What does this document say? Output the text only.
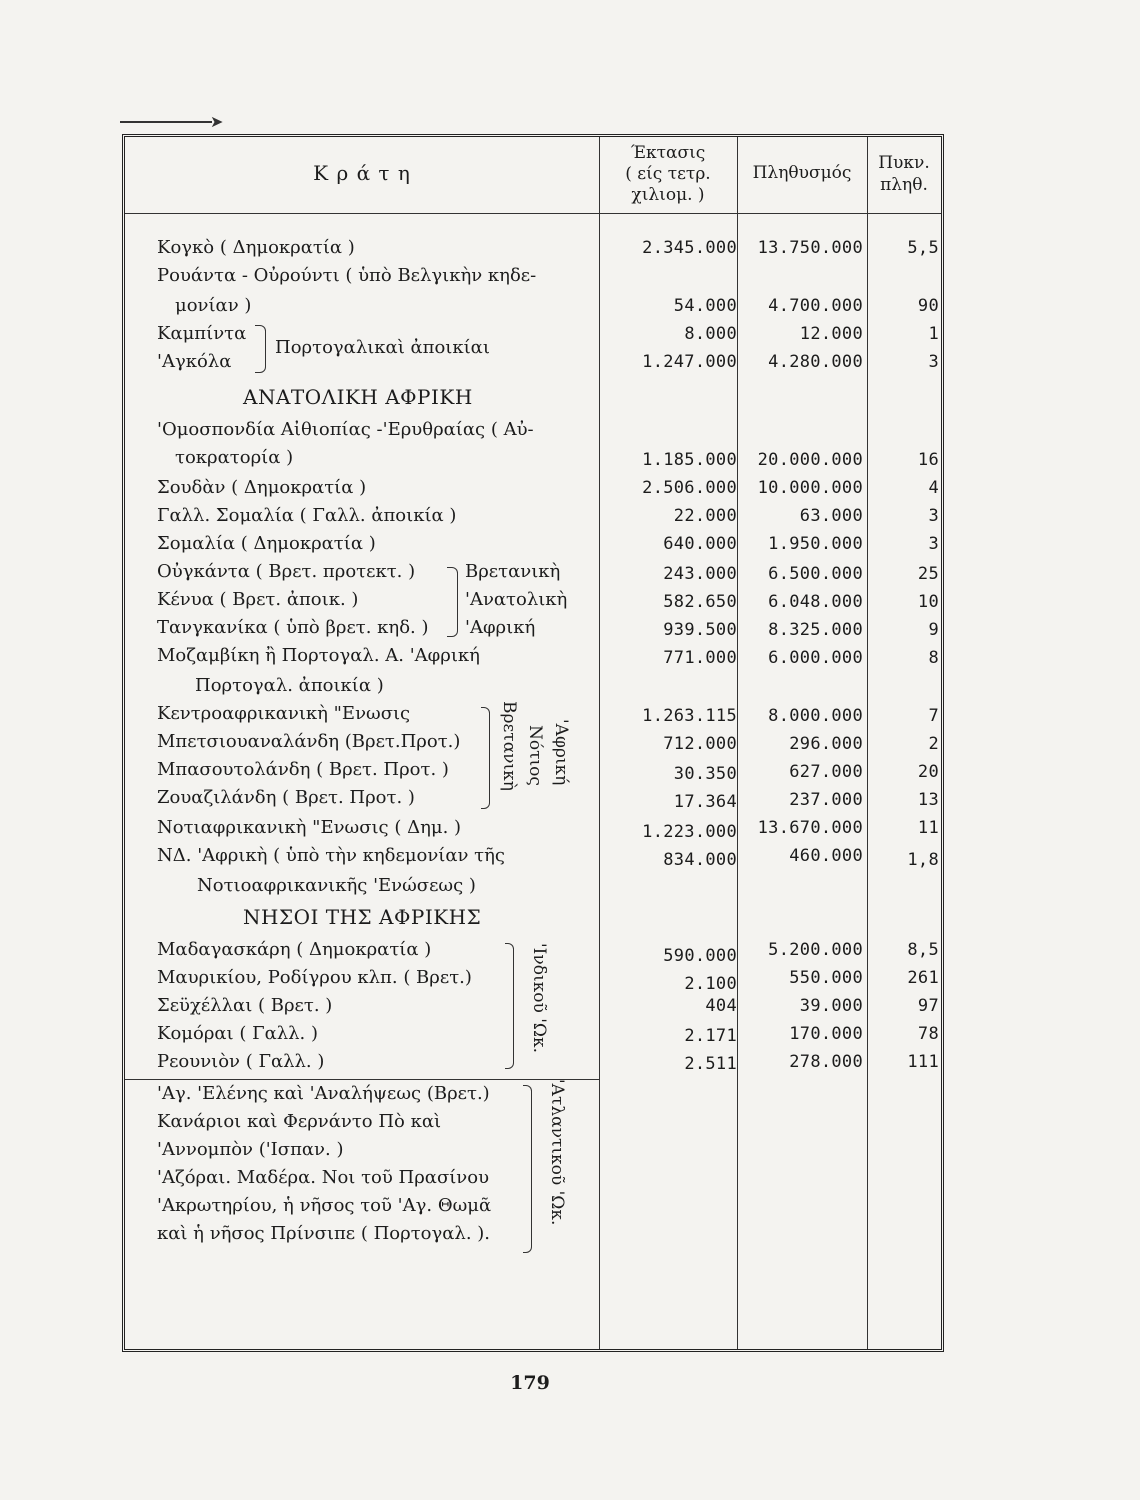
➤
Κ ρ ά τ η
Έκτασις
( είς τετρ.
χιλιομ. )
Πληθυσμός	Πυκν.
πληθ.
Κογκὸ ( Δημοκρατία )	2.345.000	13.750.000	5,5
Ρουάντα - Οὐρούντι ( ὑπὸ Βελγικὴν κηδε-
μονίαν )	54.000	4.700.000	90
Καμπίντα	8.000	12.000	1
'Αγκόλα	1.247.000	4.280.000	3
Πορτογαλικαὶ ἀποικίαι
ΑΝΑΤΟΛΙΚΗ ΑΦΡΙΚΗ
'Ομοσπονδία Αἰθιοπίας -'Ερυθραίας ( Αὐ-
τοκρατορία )	1.185.000	20.000.000	16
Σουδὰν ( Δημοκρατία )	2.506.000	10.000.000	4
Γαλλ. Σομαλία ( Γαλλ. ἀποικία )	22.000	63.000	3
Σομαλία ( Δημοκρατία )	640.000	1.950.000	3
Οὐγκάντα ( Βρετ. προτεκτ. )	243.000	6.500.000	25
Κένυα ( Βρετ. ἀποικ. )	582.650	6.048.000	10
Τανγκανίκα ( ὑπὸ βρετ. κηδ. )	939.500	8.325.000	9
Βρετανικὴ
'Ανατολικὴ
'Αφρική
Μοζαμβίκη ἢ Πορτογαλ. Α. 'Αφρική	771.000	6.000.000	8
Πορτογαλ. ἀποικία )
Κεντροαφρικανικὴ "Ενωσις	1.263.115	8.000.000	7
Μπετσιουαναλάνδη (Βρετ.Προτ.)	712.000	296.000	2
Μπασουτολάνδη ( Βρετ. Προτ. )	30.350	627.000	20
Ζουαζιλάνδη ( Βρετ. Προτ. )	17.364	237.000	13
Βρετανικὴ Νότιος 'Αφρική
Νοτιαφρικανικὴ "Ενωσις ( Δημ. )	1.223.000	13.670.000	11
ΝΔ. 'Αφρικὴ ( ὑπὸ τὴν κηδεμονίαν τῆς	834.000	460.000	1,8
Νοτιοαφρικανικῆς 'Ενώσεως )
ΝΗΣΟΙ ΤΗΣ ΑΦΡΙΚΗΣ
Μαδαγασκάρη ( Δημοκρατία )	590.000	5.200.000	8,5
Μαυρικίου, Ροδίγρου κλπ. ( Βρετ.)	2.100	550.000	261
Σεϋχέλλαι ( Βρετ. )	404	39.000	97
Κομόραι ( Γαλλ. )	2.171	170.000	78
Ρεουνιὸν ( Γαλλ. )	2.511	278.000	111
'Ινδικοῦ 'Ωκ.
'Αγ. 'Ελένης καὶ 'Αναλήψεως (Βρετ.)
Κανάριοι καὶ Φερνάντο Πὸ καὶ
'Αννομπὸν ('Ισπαν. )
'Αζόραι. Μαδέρα. Νοι τοῦ Πρασίνου
'Ακρωτηρίου, ἡ νῆσος τοῦ 'Αγ. Θωμᾶ
καὶ ἡ νῆσος Πρίνσιπε ( Πορτογαλ. ).
'Ατλαντικοῦ 'Ωκ.
179
